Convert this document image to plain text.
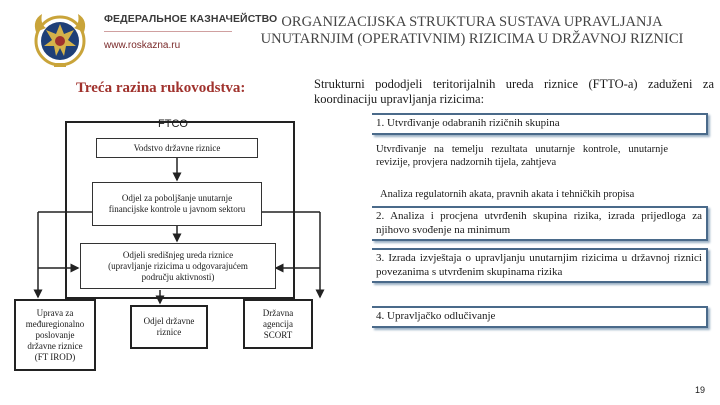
ФЕДЕРАЛЬНОЕ КАЗНАЧЕЙСТВО
www.roskazna.ru
ORGANIZACIJSKA STRUKTURA SUSTAVA UPRAVLJANJA
UNUTARNJIM (OPERATIVNIM) RIZICIMA U DRŽAVNOJ RIZNICI
Treća razina rukovodstva:	Strukturni pododjeli teritorijalnih ureda riznice (FTTO-a) zaduženi za koordinaciju upravljanja rizicima:
FTCO
Vodstvo državne riznice
Odjel za poboljšanje unutarnje
financijske kontrole u javnom sektoru
Odjeli središnjeg ureda riznice
(upravljanje rizicima u odgovarajućem
području aktivnosti)
Uprava za
međuregionalno
poslovanje
državne riznice
(FT IROD)
Odjel državne
riznice
Državna
agencija
SCORT
1. Utvrđivanje odabranih rizičnih skupina
Utvrđivanje na temelju rezultata unutarnje kontrole, unutarnje revizije, provjera nadzornih tijela, zahtjeva
Analiza regulatornih akata, pravnih akata i tehničkih propisa
2. Analiza i procjena utvrđenih skupina rizika, izrada prijedloga za njihovo svođenje na minimum
3. Izrada izvještaja o upravljanju unutarnjim rizicima u državnoj riznici povezanima s utvrđenim skupinama rizika
4. Upravljačko odlučivanje
19
